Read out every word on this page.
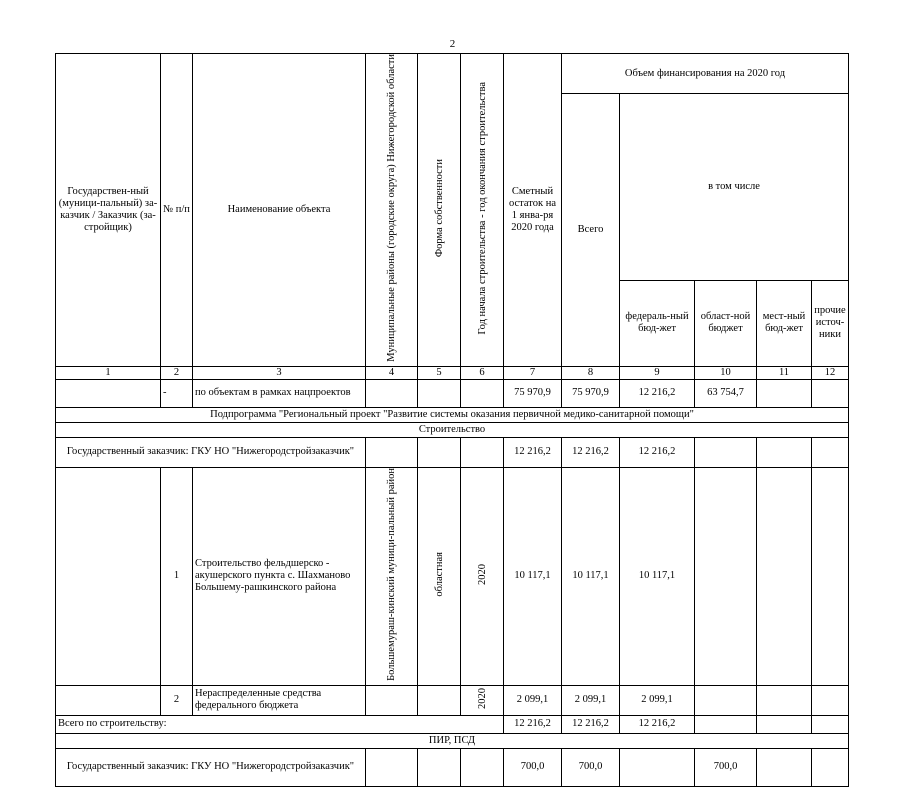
2
Государствен-ный (муници-пальный) за-казчик / Заказчик (за-стройщик)	№ п/п	Наименование объекта	Муниципальные районы (городские округа) Нижегородской области	Форма собственности	Год начала строительства - год окончания строительства	Сметный остаток на 1 янва-ря 2020 года	Объем финансирования на 2020 год				
							Всего	в том числе			
								федераль-ный бюд-жет	област-ной бюджет	мест-ный бюд-жет	прочие источ-ники
1	2	3	4	5	6	7	8	9	10	11	12
	-	по объектам в рамках нацпроектов				75 970,9	75 970,9	12 216,2	63 754,7		
Подпрограмма "Региональный проект "Развитие системы оказания первичной медико-санитарной помощи"											
Строительство											
Государственный заказчик: ГКУ НО "Нижегородстройзаказчик"						12 216,2	12 216,2	12 216,2			
	1	Строительство фельдшерско - акушерского пункта с. Шахманово Большему-рашкинского района	Большемураш-кинский муници-пальный район	областная	2020	10 117,1	10 117,1	10 117,1			
	2	Нераспределенные средства федерального бюджета			2020	2 099,1	2 099,1	2 099,1			
Всего по строительству:						12 216,2	12 216,2	12 216,2			
ПИР, ПСД											
Государственный заказчик: ГКУ НО "Нижегородстройзаказчик"						700,0	700,0		700,0		
